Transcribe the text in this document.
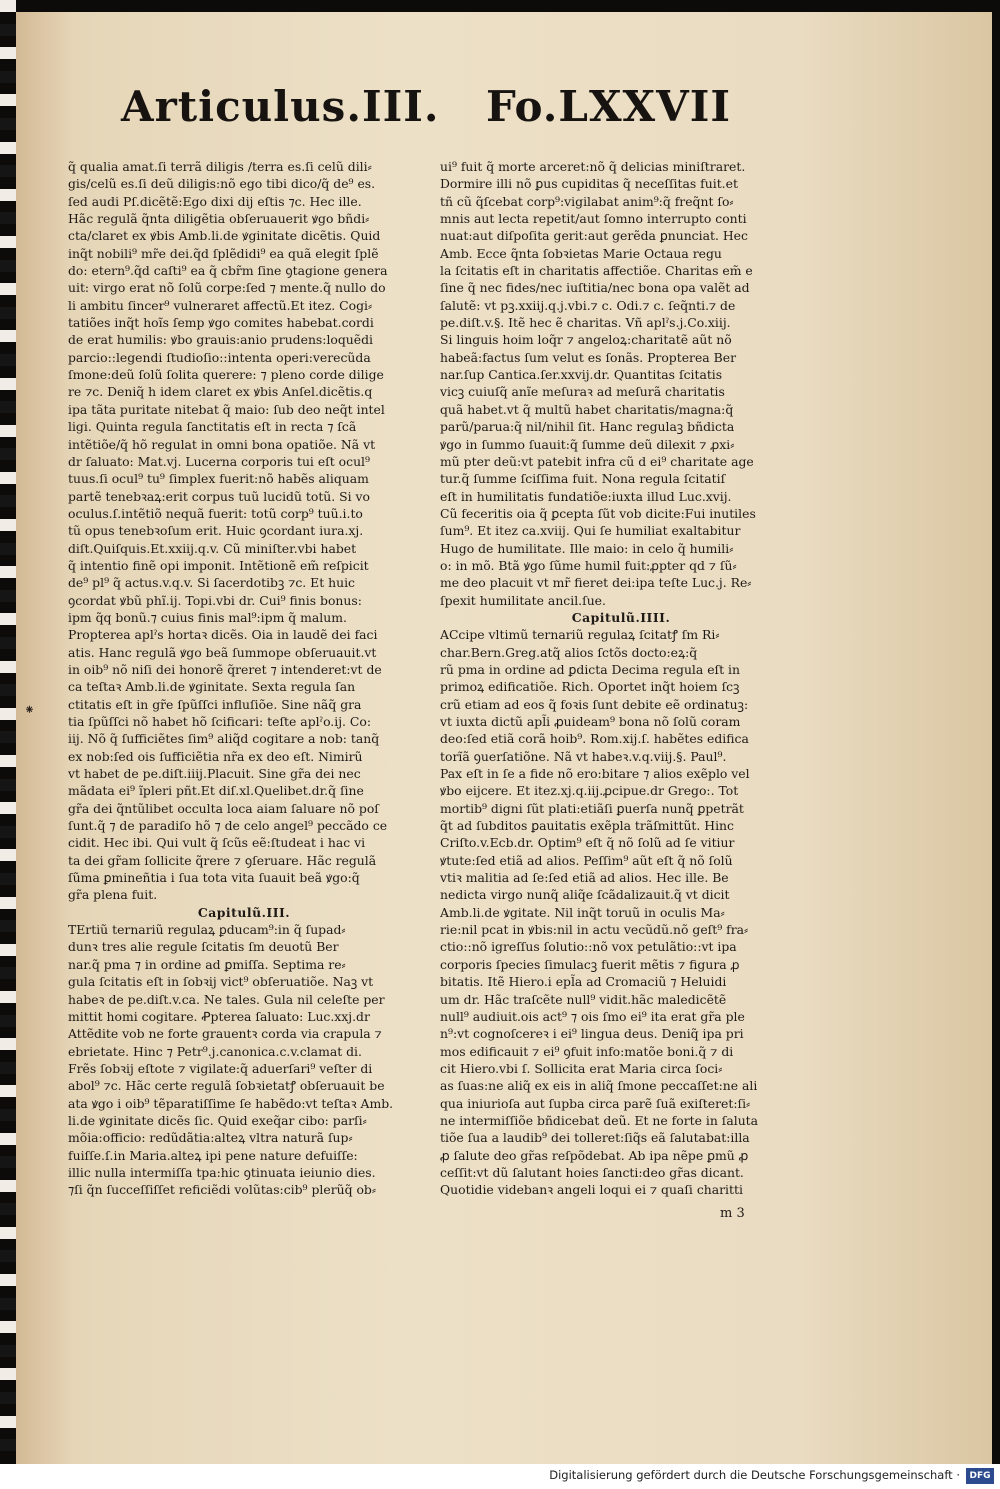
Articulus.III. Fo.LXXVII
q̃ qualia amat.ſi terrã diligis /terra es.ſi celũ dili⸗
gis/celũ es.ſi deũ diligis:nõ ego tibi dico/q̃ de⁹ es.
ſed audi Pſ.dicẽtẽ:Ego dixi dij eſtis ⁊c. Hec ille.
Hãc regulã q̃nta diligẽtia obſeruauerit ꝟgo bñdi⸗
cta/claret ex ꝟbis Amb.li.de ꝟginitate dicẽtis. Quid
inq̃t nobili⁹ mr̃e dei.q̃d ſplẽdidi⁹ ea quã elegit ſplẽ
do: etern⁹.q̃d caſti⁹ ea q̃ cbr̃m ſine ꝯtagione genera
uit: virgo erat nõ ſolũ corpe:ſed ⁊ mente.q̃ nullo do
li ambitu ſincer⁹ vulneraret affectũ.Et itez. Cogi⸗
tatiões inq̃t hoĩs ſemp ꝟgo comites habebat.cordi
de erat humilis: ꝟbo grauis:anio prudens:loquẽdi
parcio::legendi ſtudioſio::intenta operi:verecũda
ſmone:deũ ſolũ ſolita querere: ⁊ pleno corde dilige
re ⁊c. Deniq̃ h idem claret ex ꝟbis Anſel.dicẽtis.q
ipa tãta puritate nitebat q̃ maio: ſub deo neq̃t intel
ligi. Quinta regula ſanctitatis eſt in recta ⁊ ſcã
intẽtiõe/q̃ hõ regulat in omni bona opatiõe. Nã vt
dr ſaluato: Mat.vj. Lucerna corporis tui eſt ocul⁹
tuus.ſi ocul⁹ tu⁹ ſimplex fuerit:nõ habẽs aliquam
partẽ tenebꝛaꝝ:erit corpus tuũ lucidũ totũ. Si vo
oculus.ſ.intẽtiõ nequã fuerit: totũ corp⁹ tuũ.i.to
tũ opus tenebꝛoſum erit. Huic ꝯcordant iura.xj.
diſt.Quiſquis.Et.xxiij.q.v. Cũ miniſter.vbi habet
q̃ intentio finẽ opi imponit. Intẽtionẽ em̃ reſpicit
de⁹ pl⁹ q̃ actus.v.q.v. Si ſacerdotibꝫ ⁊c. Et huic
ꝯcordat ꝟbũ phĩ.ij. Topi.vbi dr. Cui⁹ finis bonus:
ipm q̃q bonũ.⁊ cuius finis mal⁹:ipm q̃ malum.
Propterea aplˀs hortaꝛ dicẽs. Oia in laudẽ dei faci
atis. Hanc regulã ꝟgo beã ſummope obſeruauit.vt
in oib⁹ nõ niſi dei honorẽ q̃reret ⁊ intenderet:vt de
ca teſtaꝛ Amb.li.de ꝟginitate. Sexta regula ſan
ctitatis eſt in gr̃e ſpũſſci influſiõe. Sine nãq̃ gra
tia ſpũſſci nõ habet hõ ſcificari: teſte aplˀo.ij. Co:
iij. Nõ q̃ ſufficiẽtes ſim⁹ aliq̃d cogitare a nob: tanq̃
ex nob:ſed ois ſufficiẽtia nr̃a ex deo eſt. Nimirũ
vt habet de pe.diſt.iiij.Placuit. Sine gr̃a dei nec
mãdata ei⁹ ĩpleri pñt.Et diſ.xl.Quelibet.dr.q̃ ſine
gr̃a dei q̃ntũlibet occulta loca aiam ſaluare nõ poſ
ſunt.q̃ ⁊ de paradiſo hõ ⁊ de celo angel⁹ peccãdo ce
cidit. Hec ibi. Qui vult q̃ ſcũs eẽ:ſtudeat i hac vi
ta dei gr̃am ſollicite q̃rere ⁊ ꝯſeruare. Hãc regulã
ſũma ꝑmineñtia i ſua tota vita ſuauit beã ꝟgo:q̃
gr̃a plena fuit.
Capitulũ.III.
TErtiũ ternariũ regulaꝝ ꝑducam⁹:in q̃ ſupad⸗
dunꝛ tres alie regule ſcitatis ſm deuotũ Ber
nar.q̃ pma ⁊ in ordine ad ꝑmiſſa. Septima re⸗
gula ſcitatis eſt in ſobꝛij vict⁹ obſeruatiõe. Naꝫ vt
habeꝛ de pe.diſt.v.ca. Ne tales. Gula nil celeſte per
mittit homi cogitare. Ꝓpterea ſaluato: Luc.xxj.dr
Attẽdite vob ne forte grauentꝛ corda via crapula ⁊
ebrietate. Hinc ⁊ Petr⁹.j.canonica.c.v.clamat di.
Frẽs ſobꝛij eſtote ⁊ vigilate:q̃ aduerſari⁹ veſter di
abol⁹ ⁊c. Hãc certe regulã ſobꝛietatꝭ obſeruauit be
ata ꝟgo i oib⁹ tẽparatiſſime ſe habẽdo:vt teſtaꝛ Amb.
li.de ꝟginitate dicẽs ſic. Quid exeq̃ar cibo: parſi⸗
mõia:officio: redũdãtia:alteꝝ vltra naturã ſup⸗
fuiſſe.ſ.in Maria.alteꝝ ipi pene nature defuiſſe:
illic nulla intermiſſa tpa:hic ꝯtinuata ieiunio dies.
⁊ſi q̃n ſucceſſiſſet reficiẽdi volũtas:cib⁹ plerũq̃ ob⸗
ui⁹ fuit q̃ morte arceret:nõ q̃ delicias miniſtraret.
Dormire illi nõ ꝑus cupiditas q̃ neceſſitas fuit.et
tñ cũ q̃ſcebat corp⁹:vigilabat anim⁹:q̃ freq̃nt ſo⸗
mnis aut lecta repetit/aut ſomno interrupto conti
nuat:aut diſpoſita gerit:aut gerẽda ꝑnunciat. Hec
Amb. Ecce q̃nta ſobꝛietas Marie Octaua regu
la ſcitatis eſt in charitatis affectiõe. Charitas em̃ e
ſine q̃ nec fides/nec iuſtitia/nec bona opa valẽt ad
ſalutẽ: vt pꝫ.xxiij.q.j.vbi.⁊ c. Odi.⁊ c. ſeq̃nti.⁊ de
pe.diſt.v.§. Itẽ hec ẽ charitas. Vñ aplˀs.j.Co.xiij.
Si linguis hoim loq̃r ⁊ angeloꝝ:charitatẽ aũt nõ
habeã:factus ſum velut es ſonãs. Propterea Ber
nar.ſup Cantica.ſer.xxvij.dr. Quantitas ſcitatis
vicꝫ cuiuſq̃ anĩe meſuraꝛ ad meſurã charitatis
quã habet.vt q̃ multũ habet charitatis/magna:q̃
parũ/parua:q̃ nil/nihil ſit. Hanc regulaꝫ bñdicta
ꝟgo in ſummo ſuauit:q̃ ſumme deũ dilexit ⁊ ꝓxi⸗
mũ pter deũ:vt patebit infra cũ d ei⁹ charitate age
tur.q̃ ſumme ſciſſima fuit. Nona regula ſcitatiſ
eſt in humilitatis fundatiõe:iuxta illud Luc.xvij.
Cũ feceritis oia q̃ ꝑcepta ſũt vob dicite:Fui inutiles
ſum⁹. Et itez ca.xviij. Qui ſe humiliat exaltabitur
Hugo de humilitate. Ille maio: in celo q̃ humili⸗
o: in mõ. Btã ꝟgo ſũme humil fuit:ꝓpter qd ⁊ ſũ⸗
me deo placuit vt mr̃ fieret dei:ipa teſte Luc.j. Re⸗
ſpexit humilitate ancil.ſue.
Capitulũ.IIII.
ACcipe vltimũ ternariũ regulaꝝ ſcitatꝭ ſm Ri⸗
char.Bern.Greg.atq̃ alios ſctõs docto:eꝝ:q̃
rũ pma in ordine ad ꝑdicta Decima regula eſt in
primoꝝ edificatiõe. Rich. Oportet inq̃t hoiem ſcꝫ
crũ etiam ad eos q̃ foꝛis ſunt debite eẽ ordinatuꝫ:
vt iuxta dictũ apl̃i ꝓuideam⁹ bona nõ ſolũ coram
deo:ſed etiã corã hoib⁹. Rom.xij.ſ. habẽtes edifica
torĩã ꝯuerſatiõne. Nã vt habeꝛ.v.q.viij.§. Paul⁹.
Pax eſt in ſe a fide nõ ero:bitare ⁊ alios exẽplo vel
ꝟbo eijcere. Et itez.xj.q.iij.ꝓcipue.dr Grego:. Tot
mortib⁹ digni ſũt plati:etiãſi ꝑuerſa nunq̃ ꝑpetrãt
q̃t ad ſubditos ꝑauitatis exẽpla trãſmittũt. Hinc
Criſto.v.Ecb.dr. Optim⁹ eſt q̃ nõ ſolũ ad ſe vitiur
ꝟtute:ſed etiã ad alios. Peſſim⁹ aũt eſt q̃ nõ ſolũ
vtiꝛ malitia ad ſe:ſed etiã ad alios. Hec ille. Be
nedicta virgo nunq̃ aliq̃e ſcãdalizauit.q̃ vt dicit
Amb.li.de ꝟgitate. Nil inq̃t toruũ in oculis Ma⸗
rie:nil pcat in ꝟbis:nil in actu vecũdũ.nõ geſt⁹ fra⸗
ctio::nõ igreſſus ſolutio::nõ vox petulãtio::vt ipa
corporis ſpecies ſimulacꝫ fuerit mẽtis ⁊ figura ꝓ
bitatis. Itẽ Hiero.i epl̃a ad Cromaciũ ⁊ Heluidi
um dr. Hãc traſcẽte null⁹ vidit.hãc maledicẽtẽ
null⁹ audiuit.ois act⁹ ⁊ ois ſmo ei⁹ ita erat gr̃a ple
n⁹:vt cognoſcereꝛ i ei⁹ lingua deus. Deniq̃ ipa pri
mos edificauit ⁊ ei⁹ ꝯfuit info:matõe boni.q̃ ⁊ di
cit Hiero.vbi ſ. Sollicita erat Maria circa ſoci⸗
as ſuas:ne aliq̃ ex eis in aliq̃ ſmone peccaſſet:ne ali
qua iniurioſa aut ſupba circa parẽ ſuã exiſteret:ſi⸗
ne intermiſſiõe bñdicebat deũ. Et ne forte in ſaluta
tiõe ſua a laudib⁹ dei tolleret:ſiq̃s eã ſalutabat:illa
ꝓ ſalute deo gr̃as reſpõdebat. Ab ipa nẽpe ꝑmũ ꝓ
ceſſit:vt dũ ſalutant hoies ſancti:deo gr̃as dicant.
Quotidie videbanꝛ angeli loqui ei ⁊ quaſi charitti
m 3
⁕
Digitalisierung gefördert durch die Deutsche Forschungsgemeinschaft ·	DFG
